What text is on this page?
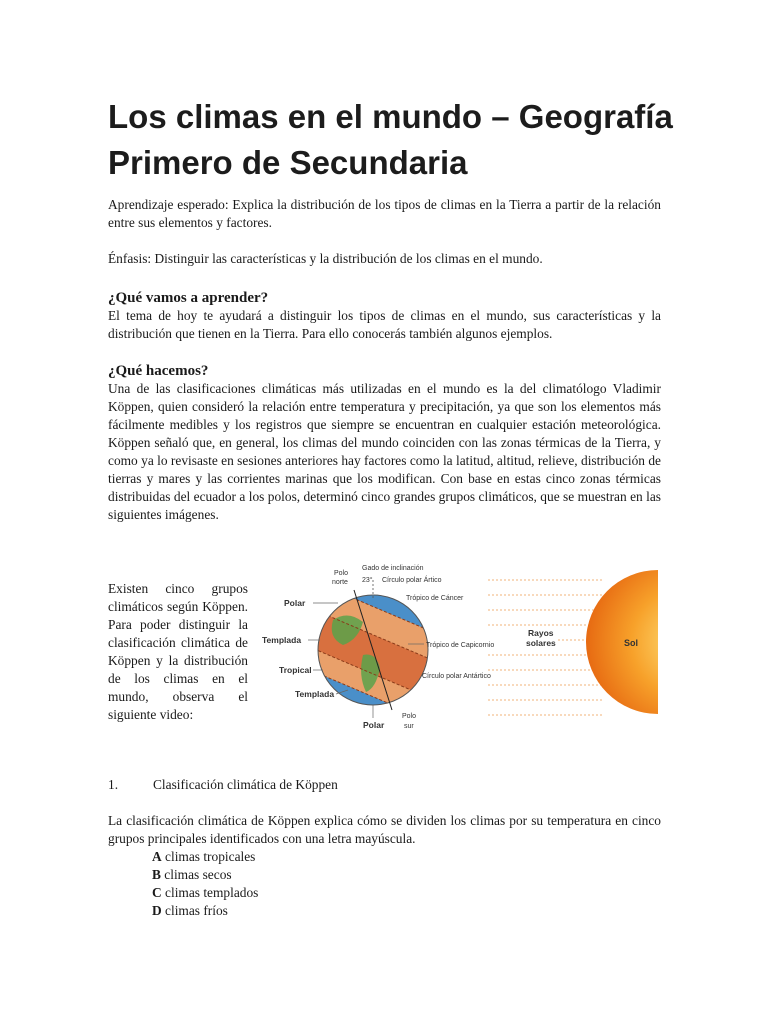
Los climas en el mundo – Geografía
Primero de Secundaria

Aprendizaje esperado: Explica la distribución de los tipos de climas en la Tierra a partir de la relación entre sus elementos y factores.

Énfasis: Distinguir las características y la distribución de los climas en el mundo.

¿Qué vamos a aprender?

El tema de hoy te ayudará a distinguir los tipos de climas en el mundo, sus características y la distribución que tienen en la Tierra. Para ello conocerás también algunos ejemplos.

¿Qué hacemos?

Una de las clasificaciones climáticas más utilizadas en el mundo es la del climatólogo Vladimir Köppen, quien consideró la relación entre temperatura y precipitación, ya que son los elementos más fácilmente medibles y los registros que siempre se encuentran en cualquier estación meteorológica. Köppen señaló que, en general, los climas del mundo coinciden con las zonas térmicas de la Tierra, y como ya lo revisaste en sesiones anteriores hay factores como la latitud, altitud, relieve, distribución de tierras y mares y las corrientes marinas que los modifican. Con base en estas cinco zonas térmicas distribuidas del ecuador a los polos, determinó cinco grandes grupos climáticos, que se muestran en las siguientes imágenes.

Existen cinco grupos climáticos según Köppen. Para poder distinguir la clasificación climática de Köppen y la distribución de los climas en el mundo, observa el siguiente video:

Polo
norte
Gado de inclinación
23° Círculo polar Ártico
Trópico de Cáncer
Trópico de Capicornio
Círculo polar Antártico
Polo
sur
Polar
Templada
Tropical
Templada
Polar
Rayos
solares	Sol
1.	Clasificación climática de Köppen

La clasificación climática de Köppen explica cómo se dividen los climas por su temperatura en cinco grupos principales identificados con una letra mayúscula.

A climas tropicales
B climas secos
C climas templados
D climas fríos
